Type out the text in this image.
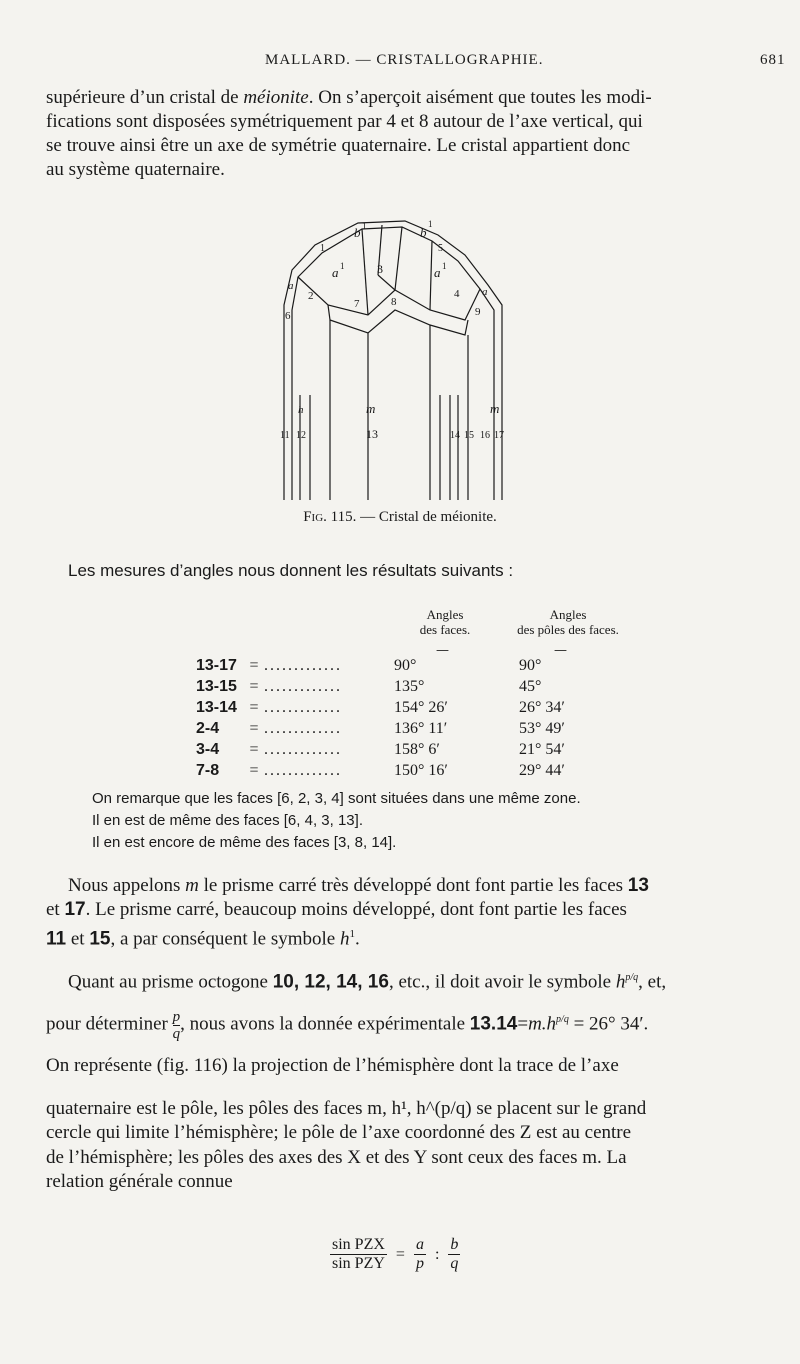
MALLARD. — CRISTALLOGRAPHIE.	681
supérieure d’un cristal de méionite. On s’aperçoit aisément que toutes les modi-
fications sont disposées symétriquement par 4 et 8 autour de l’axe vertical, qui
se trouve ainsi être un axe de symétrie quaternaire. Le cristal appartient donc
au système quaternaire.
b 1	b
1
a 1	a 1
a	a
1
2
3
4
5
6
7	8
9
m	m
11 12	13	14 15 16 17
h
Fig. 115. — Cristal de méionite.
Les mesures d’angles nous donnent les résultats suivants :
Angles
des faces.
Angles
des pôles des faces.
—	—
13-17	=	.............	90°	90°
13-15	=	.............	135°	45°
13-14	=	.............	154° 26′	26° 34′
2-4	=	.............	136° 11′	53° 49′
3-4	=	.............	158° 6′	21° 54′
7-8	=	.............	150° 16′	29° 44′
On remarque que les faces [6, 2, 3, 4] sont situées dans une même zone.
Il en est de même des faces [6, 4, 3, 13].
Il en est encore de même des faces [3, 8, 14].
Nous appelons m le prisme carré très développé dont font partie les faces 13
et 17. Le prisme carré, beaucoup moins développé, dont font partie les faces
11 et 15, a par conséquent le symbole $h^1$.
Quant au prisme octogone 10, 12, 14, 16, etc., il doit avoir le symbole $h^{p/q}$, et,
pour déterminer $\frac{p}{q}$ , nous avons la donnée expérimentale $13.14=m.h^{p/q} = 26^\circ$ 34′.
On représente (fig. 116) la projection de l’hémisphère dont la trace de l’axe
quaternaire est le pôle, les pôles des faces m, h¹, h^(p/q) se placent sur le grand
cercle qui limite l’hémisphère; le pôle de l’axe coordonné des Z est au centre
de l’hémisphère; les pôles des axes des X et des Y sont ceux des faces m. La
relation générale connue
$\frac{\text{sin PZX}}{\text{sin PZY}} = \frac{a}{p}$ : $\frac{b}{q}$
